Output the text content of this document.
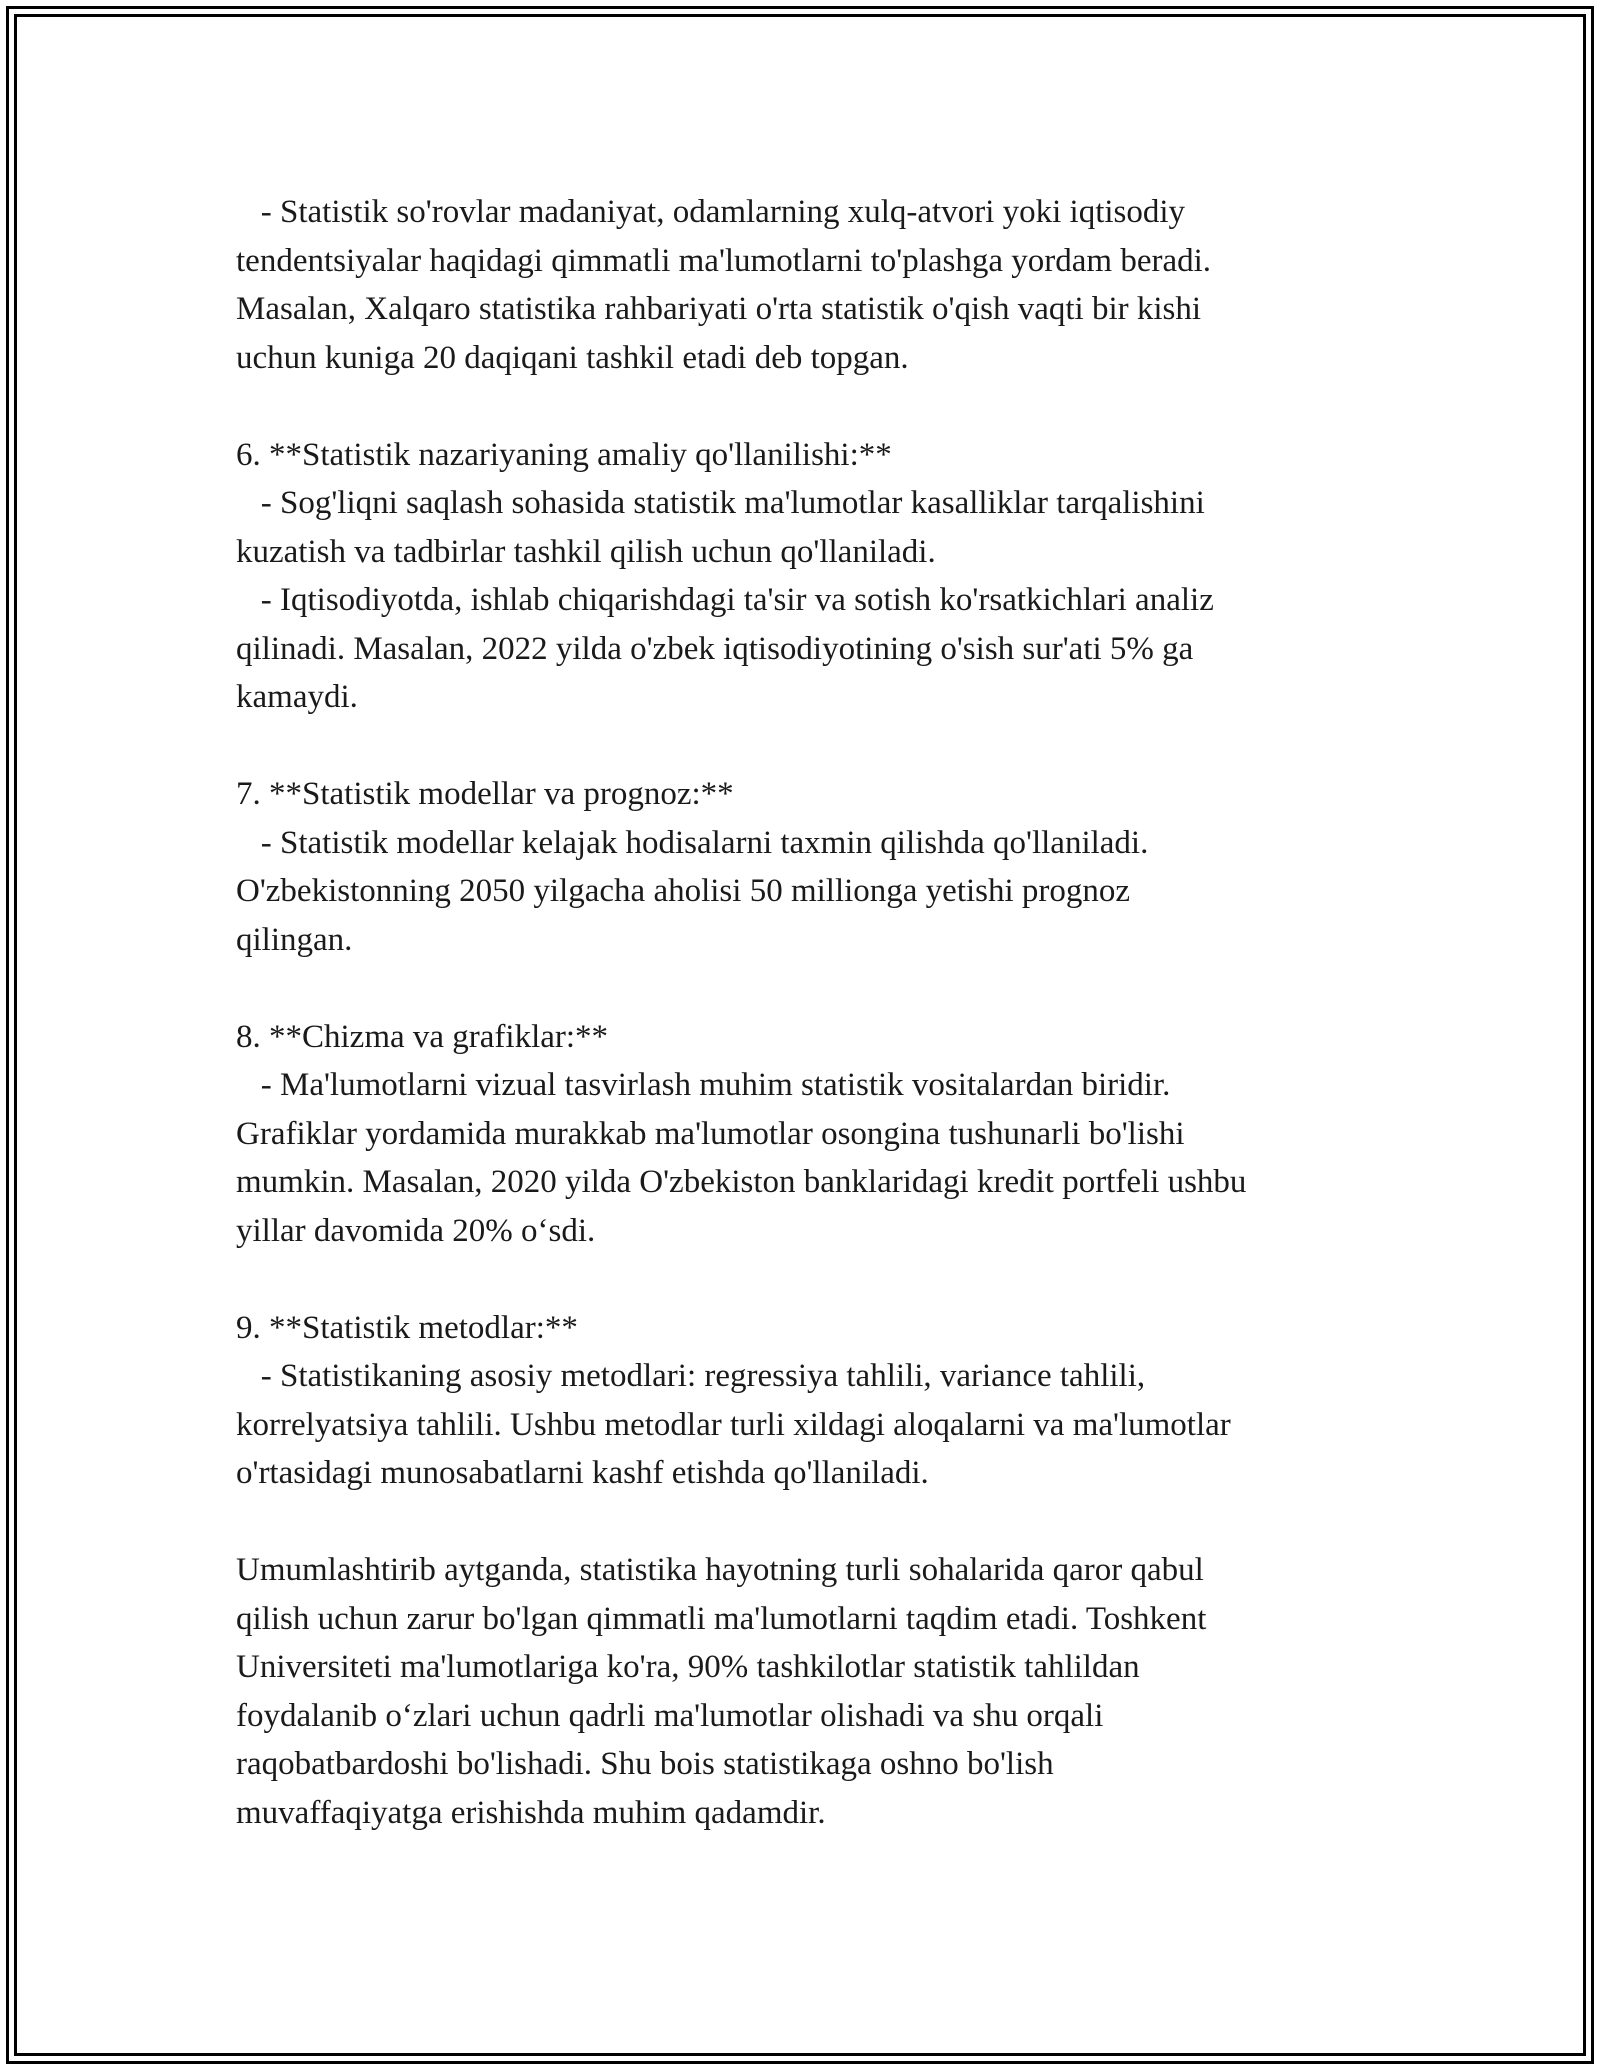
- Statistik so'rovlar madaniyat, odamlarning xulq-atvori yoki iqtisodiy
tendentsiyalar haqidagi qimmatli ma'lumotlarni to'plashga yordam beradi.
Masalan, Xalqaro statistika rahbariyati o'rta statistik o'qish vaqti bir kishi
uchun kuniga 20 daqiqani tashkil etadi deb topgan.
6. **Statistik nazariyaning amaliy qo'llanilishi:**
- Sog'liqni saqlash sohasida statistik ma'lumotlar kasalliklar tarqalishini
kuzatish va tadbirlar tashkil qilish uchun qo'llaniladi.
- Iqtisodiyotda, ishlab chiqarishdagi ta'sir va sotish ko'rsatkichlari analiz
qilinadi. Masalan, 2022 yilda o'zbek iqtisodiyotining o'sish sur'ati 5% ga
kamaydi.
7. **Statistik modellar va prognoz:**
- Statistik modellar kelajak hodisalarni taxmin qilishda qo'llaniladi.
O'zbekistonning 2050 yilgacha aholisi 50 millionga yetishi prognoz
qilingan.
8. **Chizma va grafiklar:**
- Ma'lumotlarni vizual tasvirlash muhim statistik vositalardan biridir.
Grafiklar yordamida murakkab ma'lumotlar osongina tushunarli bo'lishi
mumkin. Masalan, 2020 yilda O'zbekiston banklaridagi kredit portfeli ushbu
yillar davomida 20% o‘sdi.
9. **Statistik metodlar:**
- Statistikaning asosiy metodlari: regressiya tahlili, variance tahlili,
korrelyatsiya tahlili. Ushbu metodlar turli xildagi aloqalarni va ma'lumotlar
o'rtasidagi munosabatlarni kashf etishda qo'llaniladi.
Umumlashtirib aytganda, statistika hayotning turli sohalarida qaror qabul
qilish uchun zarur bo'lgan qimmatli ma'lumotlarni taqdim etadi. Toshkent
Universiteti ma'lumotlariga ko'ra, 90% tashkilotlar statistik tahlildan
foydalanib o‘zlari uchun qadrli ma'lumotlar olishadi va shu orqali
raqobatbardoshi bo'lishadi. Shu bois statistikaga oshno bo'lish
muvaffaqiyatga erishishda muhim qadamdir.
